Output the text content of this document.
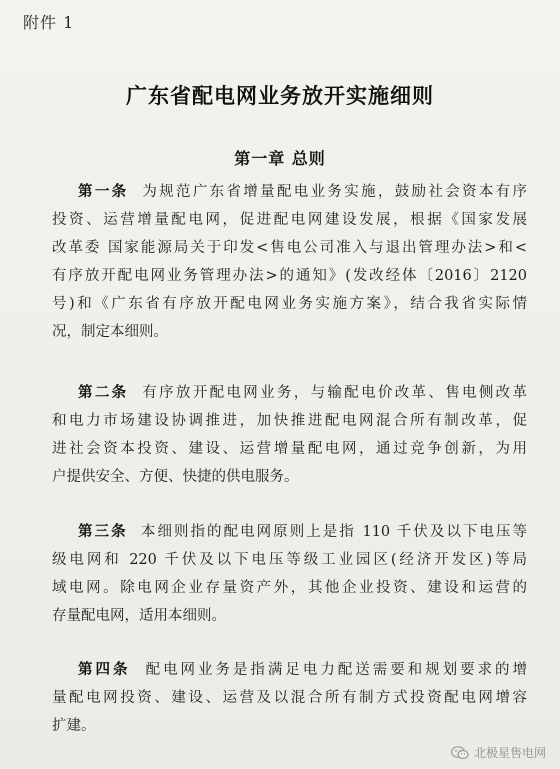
附件 1
广东省配电网业务放开实施细则
第一章 总则
第一条 为规范广东省增量配电业务实施，鼓励社会资本有序
投资、运营增量配电网，促进配电网建设发展，根据《国家发展
改革委 国家能源局关于印发<售电公司准入与退出管理办法>和<
有序放开配电网业务管理办法>的通知》(发改经体〔2016〕2120
号)和《广东省有序放开配电网业务实施方案》，结合我省实际情
况，制定本细则。
第二条 有序放开配电网业务，与输配电价改革、售电侧改革
和电力市场建设协调推进，加快推进配电网混合所有制改革，促
进社会资本投资、建设、运营增量配电网，通过竞争创新，为用
户提供安全、方便、快捷的供电服务。
第三条 本细则指的配电网原则上是指 110 千伏及以下电压等
级电网和 220 千伏及以下电压等级工业园区(经济开发区)等局
域电网。除电网企业存量资产外，其他企业投资、建设和运营的
存量配电网，适用本细则。
第四条 配电网业务是指满足电力配送需要和规划要求的增
量配电网投资、建设、运营及以混合所有制方式投资配电网增容
扩建。
北极星售电网
